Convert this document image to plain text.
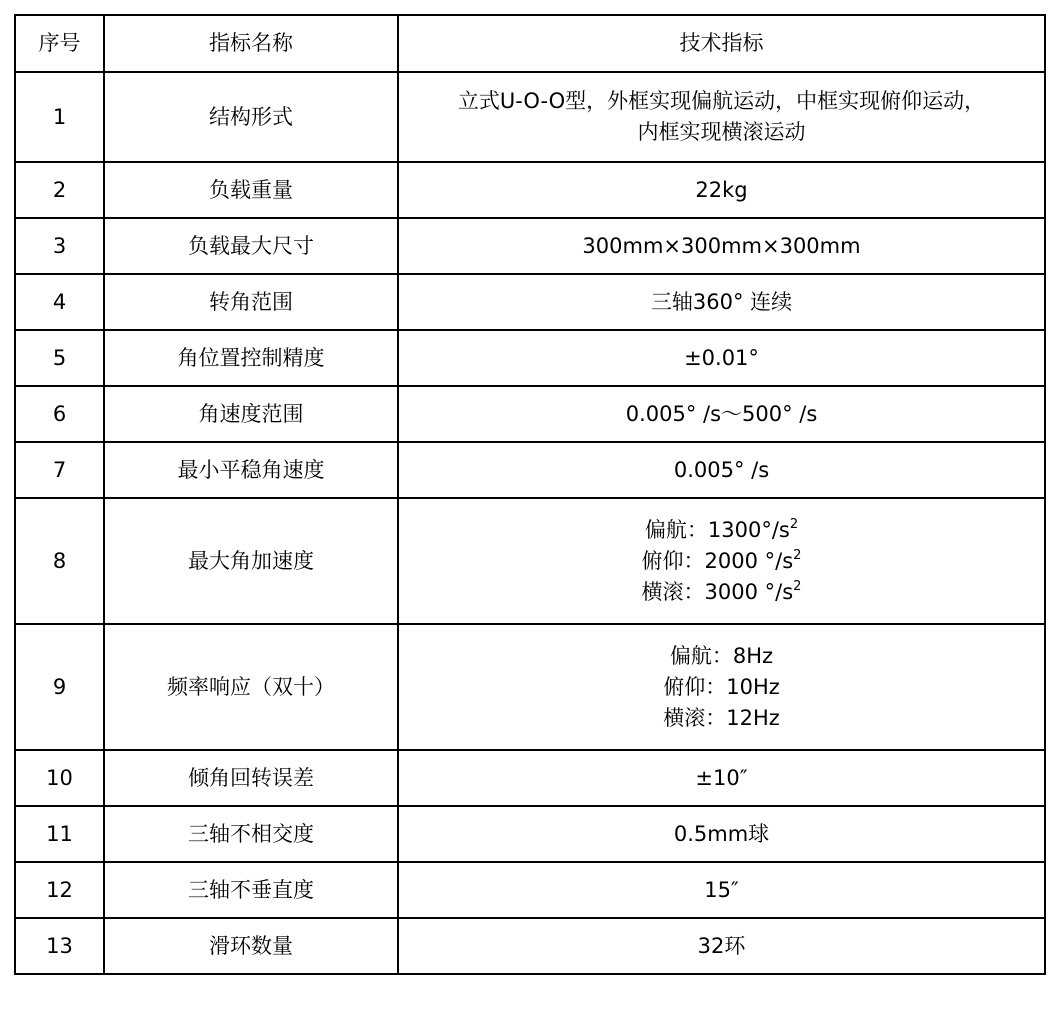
序号	指标名称	技术指标
1	结构形式	立式U-O-O型，外框实现偏航运动，中框实现俯仰运动，
内框实现横滚运动

2	负载重量	22kg
3	负载最大尺寸	300mm×300mm×300mm
4	转角范围	三轴360° 连续
5	角位置控制精度	±0.01°
6	角速度范围	0.005° /s～500° /s
7	最小平稳角速度	0.005° /s
8	最大角加速度	偏航：$1300^\circ/s^2$
俯仰：2000 $^\circ/s^2$
横滚：3000 $^\circ/s^2$

9	频率响应（双十）	偏航：8Hz
俯仰：10Hz
横滚：12Hz

10	倾角回转误差	±10″
11	三轴不相交度	0.5mm球
12	三轴不垂直度	15″
13	滑环数量	32环
